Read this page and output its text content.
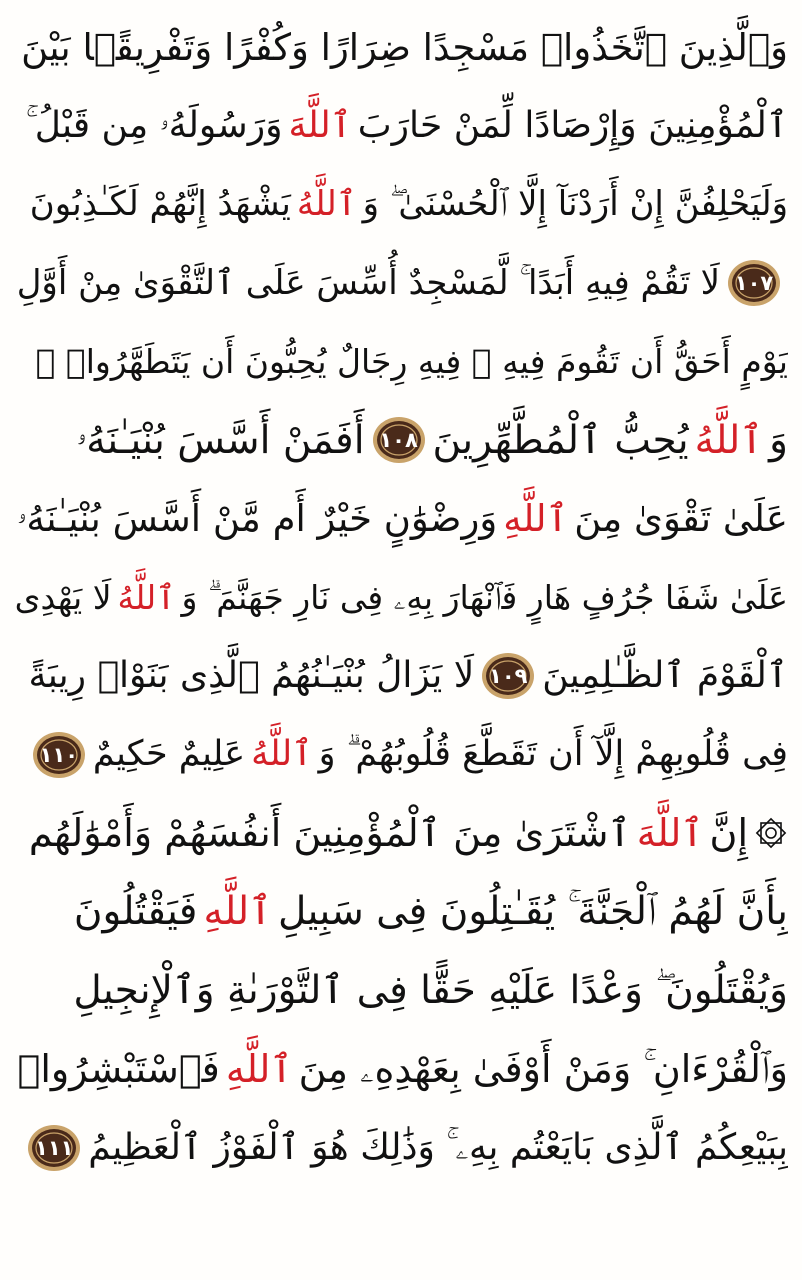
وَٱلَّذِينَ ٱتَّخَذُوا۟ مَسْجِدًا ضِرَارًا وَكُفْرًا وَتَفْرِيقًۢا بَيْنَ
ٱلْمُؤْمِنِينَ وَإِرْصَادًا لِّمَنْ حَارَبَ
ٱللَّهَ
وَرَسُولَهُۥ مِن قَبْلُ ۚ
وَلَيَحْلِفُنَّ إِنْ أَرَدْنَآ إِلَّا ٱلْحُسْنَىٰ ۖ وَ
ٱللَّهُ
يَشْهَدُ إِنَّهُمْ لَكَـٰذِبُونَ
١٠٧
لَا تَقُمْ فِيهِ أَبَدًا ۚ لَّمَسْجِدٌ أُسِّسَ عَلَى ٱلتَّقْوَىٰ مِنْ أَوَّلِ
يَوْمٍ أَحَقُّ أَن تَقُومَ فِيهِ ۚ فِيهِ رِجَالٌ يُحِبُّونَ أَن يَتَطَهَّرُوا۟ ۚ
وَ
ٱللَّهُ
يُحِبُّ ٱلْمُطَّهِّرِينَ
١٠٨
أَفَمَنْ أَسَّسَ بُنْيَـٰنَهُۥ
عَلَىٰ تَقْوَىٰ مِنَ
ٱللَّهِ
وَرِضْوَٰنٍ خَيْرٌ أَم مَّنْ أَسَّسَ بُنْيَـٰنَهُۥ
عَلَىٰ شَفَا جُرُفٍ هَارٍ فَٱنْهَارَ بِهِۦ فِى نَارِ جَهَنَّمَ ۗ وَ
ٱللَّهُ
لَا يَهْدِى
ٱلْقَوْمَ ٱلظَّـٰلِمِينَ
١٠٩
لَا يَزَالُ بُنْيَـٰنُهُمُ ٱلَّذِى بَنَوْا۟ رِيبَةً
فِى قُلُوبِهِمْ إِلَّآ أَن تَقَطَّعَ قُلُوبُهُمْ ۗ وَ
ٱللَّهُ
عَلِيمٌ حَكِيمٌ
١١٠
إِنَّ
ٱللَّهَ
ٱشْتَرَىٰ مِنَ ٱلْمُؤْمِنِينَ أَنفُسَهُمْ وَأَمْوَٰلَهُم
بِأَنَّ لَهُمُ ٱلْجَنَّةَ ۚ يُقَـٰتِلُونَ فِى سَبِيلِ
ٱللَّهِ
فَيَقْتُلُونَ
وَيُقْتَلُونَ ۖ وَعْدًا عَلَيْهِ حَقًّا فِى ٱلتَّوْرَىٰةِ وَٱلْإِنجِيلِ
وَٱلْقُرْءَانِ ۚ وَمَنْ أَوْفَىٰ بِعَهْدِهِۦ مِنَ
ٱللَّهِ
فَٱسْتَبْشِرُوا۟
بِبَيْعِكُمُ ٱلَّذِى بَايَعْتُم بِهِۦ ۚ وَذَٰلِكَ هُوَ ٱلْفَوْزُ ٱلْعَظِيمُ
١١١
